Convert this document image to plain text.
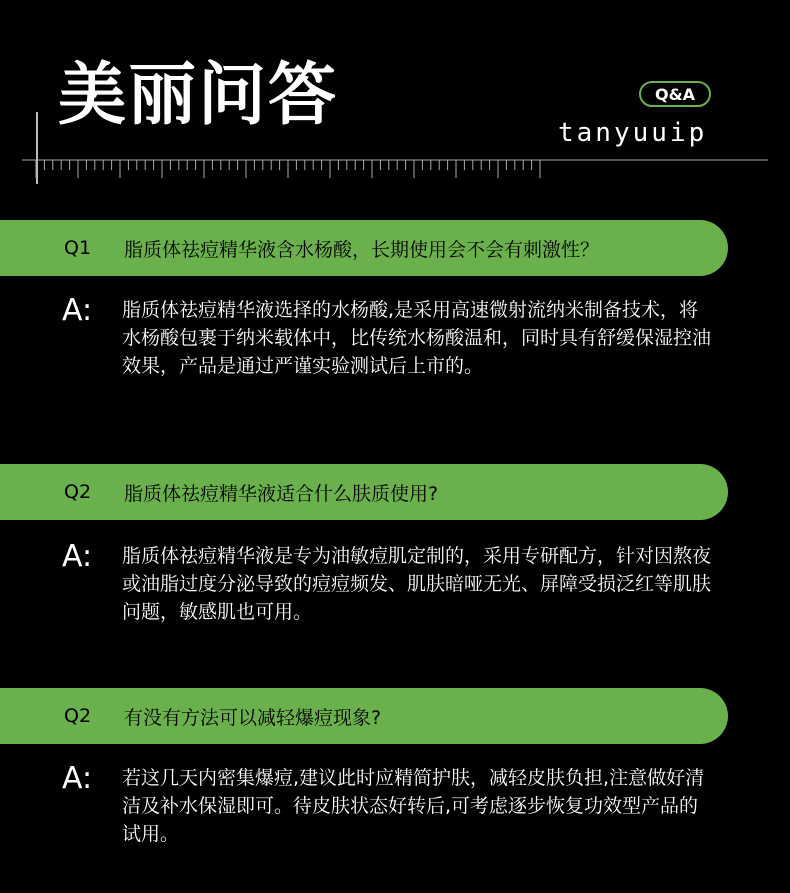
美丽问答	Q&A
tanyuuip
Q1	脂质体祛痘精华液含水杨酸，长期使用会不会有刺激性？
A: 脂质体祛痘精华液选择的水杨酸,是采用高速微射流纳米制备技术，将水杨酸包裹于纳米载体中，比传统水杨酸温和，同时具有舒缓保湿控油效果，产品是通过严谨实验测试后上市的。
Q2	脂质体祛痘精华液适合什么肤质使用?
A: 脂质体祛痘精华液是专为油敏痘肌定制的，采用专研配方，针对因熬夜或油脂过度分泌导致的痘痘频发、肌肤暗哑无光、屏障受损泛红等肌肤问题，敏感肌也可用。
Q2	有没有方法可以减轻爆痘现象?
A: 若这几天内密集爆痘,建议此时应精简护肤，减轻皮肤负担,注意做好清洁及补水保湿即可。待皮肤状态好转后,可考虑逐步恢复功效型产品的试用。
